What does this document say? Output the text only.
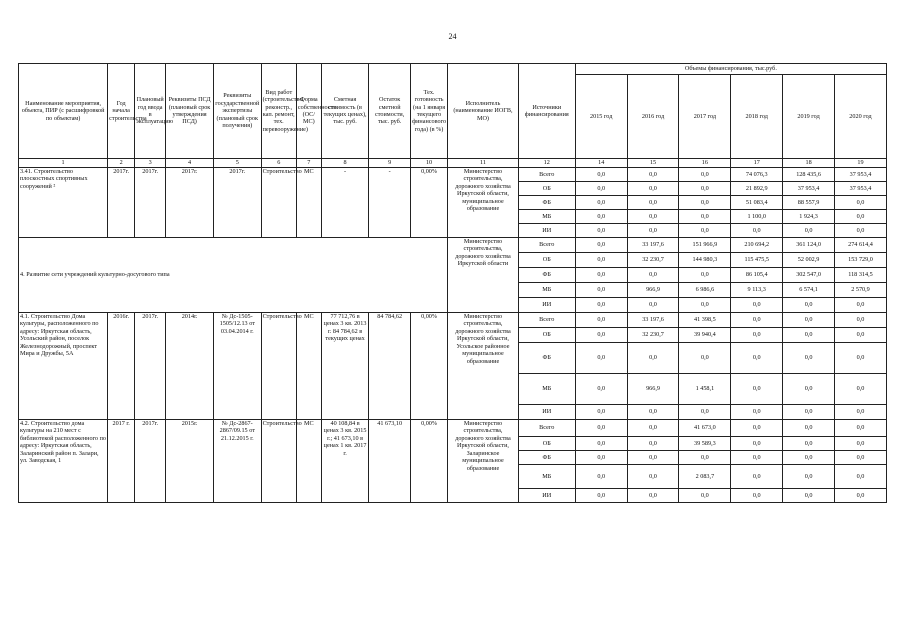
24
Наименование мероприятия, объекта, ПИР (с расшифровкой по объектам)	Год начала строительства	Плановый год ввода в эксплуатацию	Реквизиты ПСД (плановый срок утверждения ПСД)	Реквизиты государственной экспертизы (плановый срок получения)	Вид работ (строительство, реконстр., кап. ремонт, тех. перевооружение)	Форма собственности (ОС/МС)	Сметная стоимость (в текущих ценах), тыс. руб.	Остаток сметной стоимости, тыс. руб.	Тех. готовность (на 1 января текущего финансового года) (в %)	Исполнитель (наименование ИОГВ, МО)	Источники финансирования	Объемы финансирования, тыс.руб.					
												2015 год	2016 год	2017 год	2018 год	2019 год	2020 год
1	2	3	4	5	6	7	8	9	10	11	12	14	15	16	17	18	19
3.41. Строительство плоскостных спортивных сооружений ²	2017г.	2017г.	2017г.	2017г.	Строительство	МС	-	-	0,00%	Министерство строительства, дорожного хозяйства Иркутской области, муниципальное образование	Всего	0,0	0,0	0,0	74 076,3	128 435,6	37 953,4
											ОБ	0,0	0,0	0,0	21 892,9	37 953,4	37 953,4
											ФБ	0,0	0,0	0,0	51 083,4	88 557,9	0,0
											МБ	0,0	0,0	0,0	1 100,0	1 924,3	0,0
											ИИ	0,0	0,0	0,0	0,0	0,0	0,0
4. Развитие сети учреждений культурно-досугового типа										Министерство строительства, дорожного хозяйства Иркутской области	Всего	0,0	33 197,6	151 966,9	210 694,2	361 124,0	274 614,4
											ОБ	0,0	32 230,7	144 980,3	115 475,5	52 002,9	153 729,0
											ФБ	0,0	0,0	0,0	86 105,4	302 547,0	118 314,5
											МБ	0,0	966,9	6 986,6	9 113,3	6 574,1	2 570,9
											ИИ	0,0	0,0	0,0	0,0	0,0	0,0
4.1. Строительство Дома культуры, расположенного по адресу: Иркутская область, Усольский район, поселок Железнодорожный, проспект Мира и Дружбы, 5А	2016г.	2017г.	2014г.	№ Дс-1505-1505/12.13 от 03.04.2014 г.	Строительство	МС	77 712,76 в ценах 3 кв. 2013 г. 84 784,62 в текущих ценах	84 784,62	0,00%	Министерство строительства, дорожного хозяйства Иркутской области, Усольское районное муниципальное образование	Всего	0,0	33 197,6	41 398,5	0,0	0,0	0,0
											ОБ	0,0	32 230,7	39 940,4	0,0	0,0	0,0
											ФБ	0,0	0,0	0,0	0,0	0,0	0,0
											МБ	0,0	966,9	1 458,1	0,0	0,0	0,0
											ИИ	0,0	0,0	0,0	0,0	0,0	0,0
4.2. Строительство дома культуры на 210 мест с библиотекой расположенного по адресу: Иркутская область, Заларинский район п. Залари, ул. Заводская, 1	2017 г.	2017г.	2015г.	№ Дс-2867-2867/09.15 от 21.12.2015 г.	Строительство	МС	40 108,84 в ценах 3 кв. 2015 г.; 41 673,10 в ценах 1 кв. 2017 г.	41 673,10	0,00%	Министерство строительства, дорожного хозяйства Иркутской области, Заларинское муниципальное образование	Всего	0,0	0,0	41 673,0	0,0	0,0	0,0
											ОБ	0,0	0,0	39 589,3	0,0	0,0	0,0
											ФБ	0,0	0,0	0,0	0,0	0,0	0,0
											МБ	0,0	0,0	2 083,7	0,0	0,0	0,0
											ИИ	0,0	0,0	0,0	0,0	0,0	0,0
